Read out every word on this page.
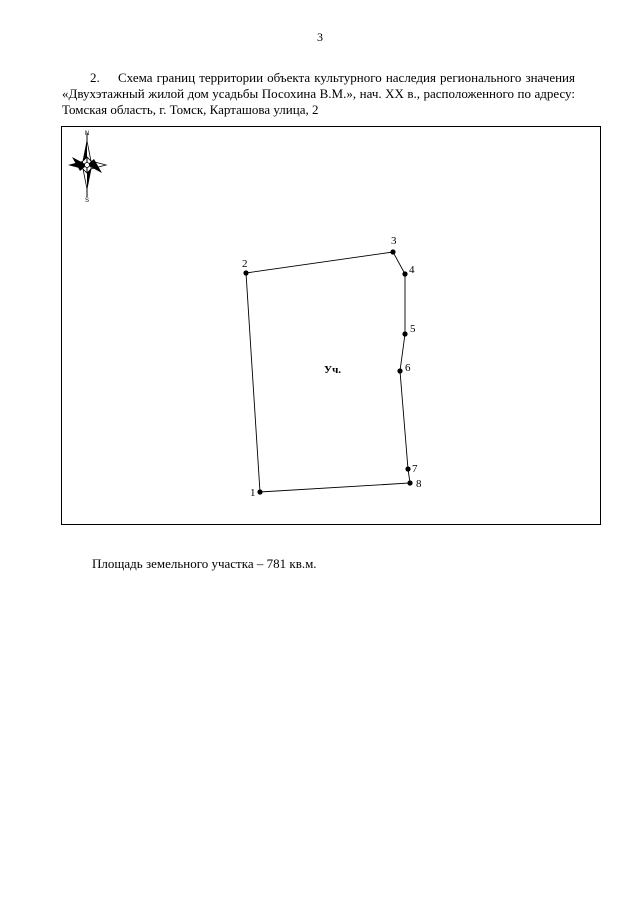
3
2. Схема границ территории объекта культурного наследия регионального значения «Двухэтажный жилой дом усадьбы Посохина В.М.», нач. XX в., расположенного по адресу: Томская область, г. Томск, Карташова улица, 2
N
S
1
2
3
4
5
6
7
8
Уч.
Площадь земельного участка – 781 кв.м.
